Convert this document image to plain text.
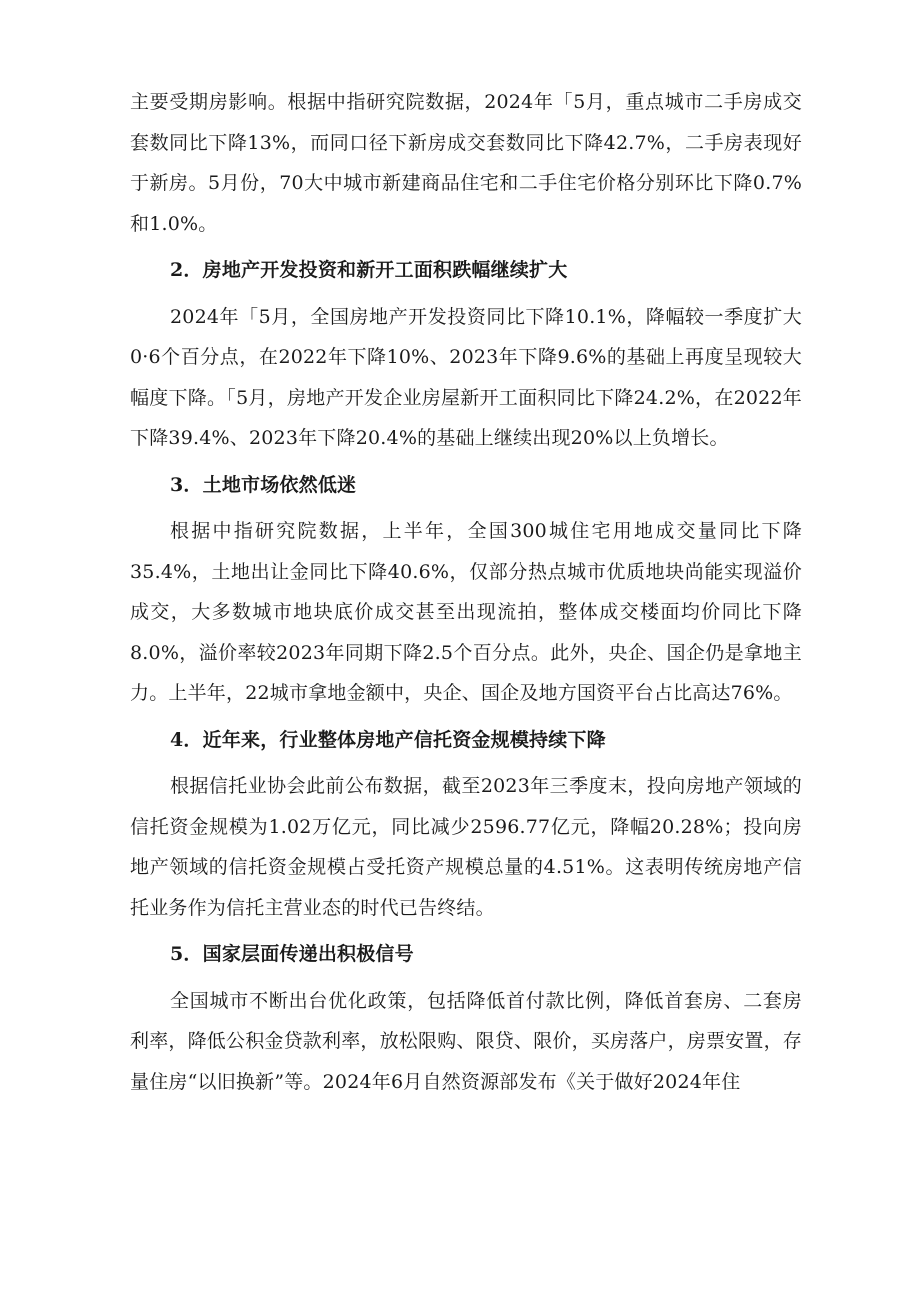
主要受期房影响。根据中指研究院数据，2024年「5月，重点城市二手房成交套数同比下降13%，而同口径下新房成交套数同比下降42.7%，二手房表现好于新房。5月份，70大中城市新建商品住宅和二手住宅价格分别环比下降0.7%和1.0%。

2．房地产开发投资和新开工面积跌幅继续扩大

2024年「5月，全国房地产开发投资同比下降10.1%，降幅较一季度扩大0·6个百分点，在2022年下降10%、2023年下降9.6%的基础上再度呈现较大幅度下降。「5月，房地产开发企业房屋新开工面积同比下降24.2%，在2022年下降39.4%、2023年下降20.4%的基础上继续出现20%以上负增长。

3．土地市场依然低迷

根据中指研究院数据，上半年，全国300城住宅用地成交量同比下降35.4%，土地出让金同比下降40.6%，仅部分热点城市优质地块尚能实现溢价成交，大多数城市地块底价成交甚至出现流拍，整体成交楼面均价同比下降8.0%，溢价率较2023年同期下降2.5个百分点。此外，央企、国企仍是拿地主力。上半年，22城市拿地金额中，央企、国企及地方国资平台占比高达76%。

4．近年来，行业整体房地产信托资金规模持续下降

根据信托业协会此前公布数据，截至2023年三季度末，投向房地产领域的信托资金规模为1.02万亿元，同比减少2596.77亿元，降幅20.28%；投向房地产领域的信托资金规模占受托资产规模总量的4.51%。这表明传统房地产信托业务作为信托主营业态的时代已告终结。

5．国家层面传递出积极信号

全国城市不断出台优化政策，包括降低首付款比例，降低首套房、二套房利率，降低公积金贷款利率，放松限购、限贷、限价，买房落户，房票安置，存量住房“以旧换新”等。2024年6月自然资源部发布《关于做好2024年住
